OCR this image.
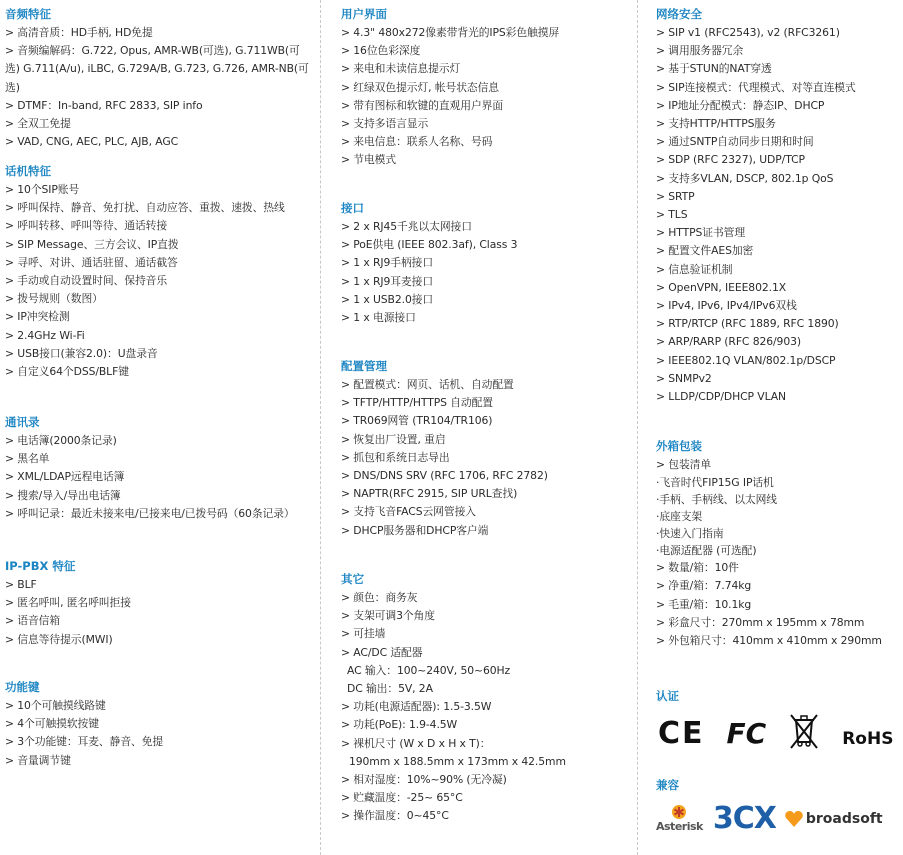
音频特征
> 高清音质：HD手柄, HD免提
> 音频编解码：G.722, Opus, AMR-WB(可选), G.711WB(可选) G.711(A/u), iLBC, G.729A/B, G.723, G.726, AMR-NB(可选)
> DTMF：In-band, RFC 2833, SIP info
> 全双工免提
> VAD, CNG, AEC, PLC, AJB, AGC
话机特征
> 10个SIP账号
> 呼叫保持、静音、免打扰、自动应答、重拨、速拨、热线
> 呼叫转移、呼叫等待、通话转接
> SIP Message、三方会议、IP直拨
> 寻呼、对讲、通话驻留、通话截答
> 手动或自动设置时间、保持音乐
> 拨号规则（数图）
> IP冲突检测
> 2.4GHz Wi-Fi
> USB接口(兼容2.0)：U盘录音
> 自定义64个DSS/BLF键
通讯录
> 电话簿(2000条记录)
> 黑名单
> XML/LDAP远程电话簿
> 搜索/导入/导出电话簿
> 呼叫记录：最近未接来电/已接来电/已拨号码（60条记录）
IP-PBX 特征
> BLF
> 匿名呼叫, 匿名呼叫拒接
> 语音信箱
> 信息等待提示(MWI)
功能键
> 10个可触摸线路键
> 4个可触摸软按键
> 3个功能键：耳麦、静音、免提
> 音量调节键
用户界面
> 4.3" 480x272像素带背光的IPS彩色触摸屏
> 16位色彩深度
> 来电和未读信息提示灯
> 红绿双色提示灯, 帐号状态信息
> 带有图标和软键的直观用户界面
> 支持多语言显示
> 来电信息：联系人名称、号码
> 节电模式
接口
> 2 x RJ45千兆以太网接口
> PoE供电 (IEEE 802.3af), Class 3
> 1 x RJ9手柄接口
> 1 x RJ9耳麦接口
> 1 x USB2.0接口
> 1 x 电源接口
配置管理
> 配置模式：网页、话机、自动配置
> TFTP/HTTP/HTTPS 自动配置
> TR069网管 (TR104/TR106)
> 恢复出厂设置, 重启
> 抓包和系统日志导出
> DNS/DNS SRV (RFC 1706, RFC 2782)
> NAPTR(RFC 2915, SIP URL查找)
> 支持飞音FACS云网管接入
> DHCP服务器和DHCP客户端
其它
> 颜色：商务灰
> 支架可调3个角度
> 可挂墙
> AC/DC 适配器
AC 输入：100~240V, 50~60Hz
DC 输出：5V, 2A
> 功耗(电源适配器): 1.5-3.5W
> 功耗(PoE): 1.9-4.5W
> 裸机尺寸 (W x D x H x T)：
190mm x 188.5mm x 173mm x 42.5mm
> 相对湿度：10%~90% (无冷凝)
> 贮藏温度：-25~ 65°C
> 操作温度：0~45°C
网络安全
> SIP v1 (RFC2543), v2 (RFC3261)
> 调用服务器冗余
> 基于STUN的NAT穿透
> SIP连接模式：代理模式、对等直连模式
> IP地址分配模式：静态IP、DHCP
> 支持HTTP/HTTPS服务
> 通过SNTP自动同步日期和时间
> SDP (RFC 2327), UDP/TCP
> 支持多VLAN, DSCP, 802.1p QoS
> SRTP
> TLS
> HTTPS证书管理
> 配置文件AES加密
> 信息验证机制
> OpenVPN, IEEE802.1X
> IPv4, IPv6, IPv4/IPv6双栈
> RTP/RTCP (RFC 1889, RFC 1890)
> ARP/RARP (RFC 826/903)
> IEEE802.1Q VLAN/802.1p/DSCP
> SNMPv2
> LLDP/CDP/DHCP VLAN
外箱包装
> 包装清单
·飞音时代FIP15G IP话机
·手柄、手柄线、以太网线
·底座支架
·快速入门指南
·电源适配器 (可选配)
> 数量/箱：10件
> 净重/箱：7.74kg
> 毛重/箱：10.1kg
> 彩盒尺寸：270mm x 195mm x 78mm
> 外包箱尺寸：410mm x 410mm x 290mm
认证
CE FC	RoHS
兼容
Asterisk 3CX broadsoft
